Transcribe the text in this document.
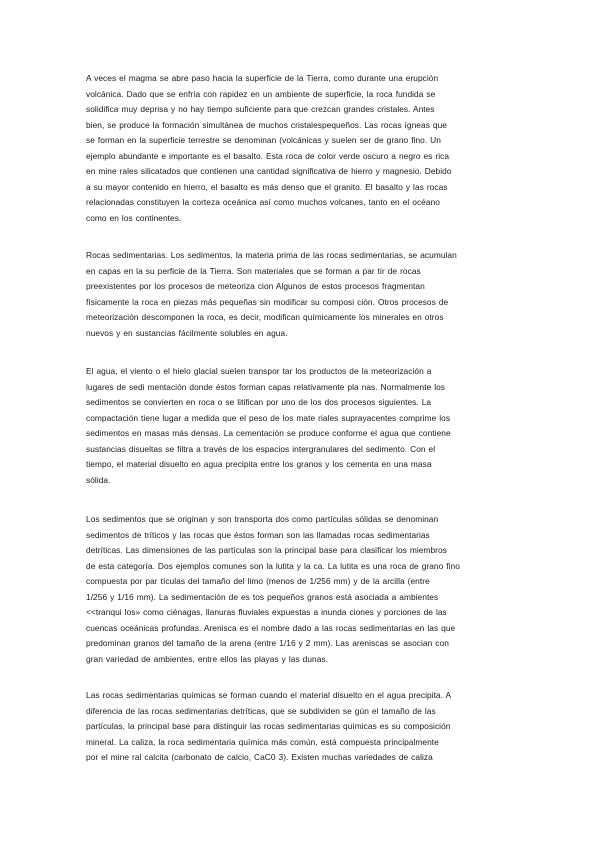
A veces el magma se abre paso hacia la superficie de la Tierra, como durante una erupción
volcánica. Dado que se enfría con rapidez en un ambiente de superficie, la roca fundida se
solidifica muy deprisa y no hay tiempo suficiente para que crezcan grandes cristales. Antes
bien, se produce la formación simultánea de muchos cristalespequeños. Las rocas ígneas que
se forman en la superficie terrestre se denominan (volcánicas y suelen ser de grano fino. Un
ejemplo abundante e importante es el basalto. Esta roca de color verde oscuro a negro es rica
en mine rales silicatados que contienen una cantidad significativa de hierro y magnesio. Debido
a su mayor contenido en hierro, el basalto es más denso que el granito. El basalto y las rocas
relacionadas constituyen la corteza oceánica así como muchos volcanes, tanto en el océano
como en los continentes.

Rocas sedimentarias. Los sedimentos, la materia prima de las rocas sedimentarias, se acumulan
en capas en la su perficie de la Tierra. Son materiales que se forman a par tir de rocas
preexistentes por los procesos de meteoriza cion Algunos de estos procesos fragmentan
físicamente la roca en piezas más pequeñas sin modificar su composi ción. Otros procesos de
meteorización descomponen la roca, es decir, modifican químicamente los minerales en otros
nuevos y en sustancias fácilmente solubles en agua.

El agua, el viento o el hielo glacial suelen transpor tar los productos de la meteorización a
lugares de sedi mentación donde éstos forman capas relativamente pla nas. Normalmente los
sedimentos se convierten en roca o se litifican por uno de los dos procesos siguientes. La
compactación tiene lugar a medida que el peso de los mate riales suprayacentes comprime los
sedimentos en masas más densas. La cementación se produce conforme el agua que contiene
sustancias disueltas se filtra a través de los espacios intergranulares del sedimento. Con el
tiempo, el material disuelto en agua precipita entre los granos y los cementa en una masa
sólida.

Los sedimentos que se originan y son transporta dos como partículas sólidas se denominan
sedimentos de tríticos y las rocas que éstos forman son las llamadas rocas sedimentarias
detríticas. Las dimensiones de las partículas son la principal base para clasificar los miembros
de esta categoría. Dos ejemplos comunes son la lutita y la ca. La lutita es una roca de grano fino
compuesta por par tículas del tamaño del limo (menos de 1/256 mm) y de la arcilla (entre
1/256 y 1/16 mm). La sedimentación de es tos pequeños granos está asociada a ambientes
<<tranqui los» como ciénagas, llanuras fluviales expuestas a inunda ciones y porciones de las
cuencas oceánicas profundas. Arenisca es el nombre dado a las rocas sedimentarias en las que
predominan granos del tamaño de la arena (entre 1/16 y 2 mm). Las areniscas se asocian con
gran variedad de ambientes, entre ellos las playas y las dunas.

Las rocas sedimentarias químicas se forman cuando el material disuelto en el agua precipita. A
diferencia de las rocas sedimentarias detríticas, que se subdividen se gún el tamaño de las
partículas, la principal base para distinguir las rocas sedimentarias químicas es su composición
mineral. La caliza, la roca sedimentaria química más común, está compuesta principalmente
por el mine ral calcita (carbonato de calcio, CaC0 3). Existen muchas variedades de caliza
